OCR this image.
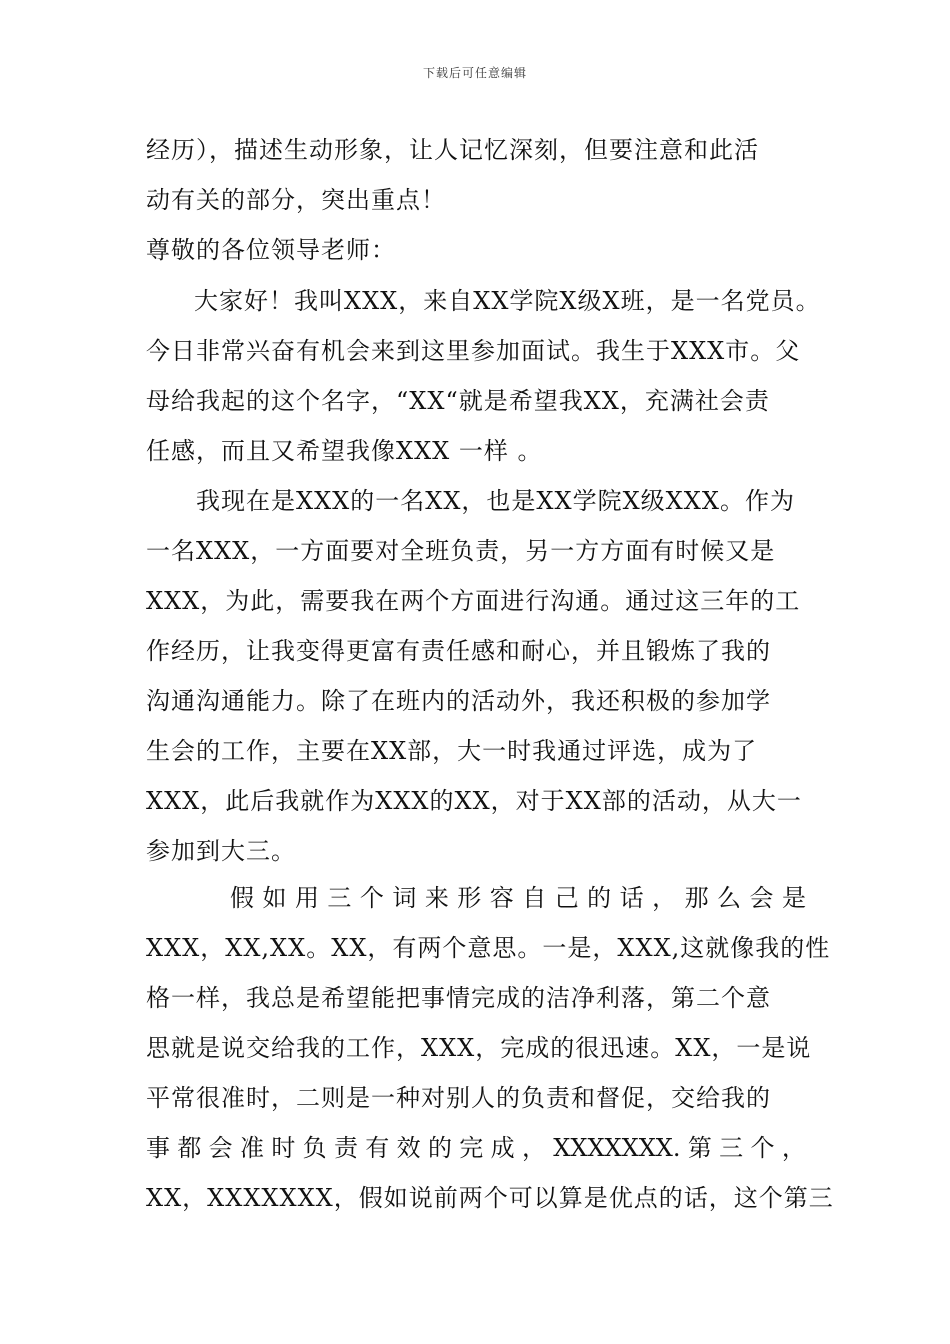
下载后可任意编辑
经历），描述生动形象，让人记忆深刻，但要注意和此活
动有关的部分，突出重点！
尊敬的各位领导老师：
大家好！我叫XXX，来自XX学院X级X班，是一名党员。
今日非常兴奋有机会来到这里参加面试。我生于XXX市。父
母给我起的这个名字，“XX“就是希望我XX，充满社会责
任感，而且又希望我像XXX 一样 。
我现在是XXX的一名XX，也是XX学院X级XXX。作为
一名XXX，一方面要对全班负责，另一方方面有时候又是
XXX，为此，需要我在两个方面进行沟通。通过这三年的工
作经历，让我变得更富有责任感和耐心，并且锻炼了我的
沟通沟通能力。除了在班内的活动外，我还积极的参加学
生会的工作，主要在XX部，大一时我通过评选，成为了
XXX，此后我就作为XXX的XX，对于XX部的活动，从大一
参加到大三。
假 如 用 三 个 词 来 形 容 自 己 的 话 ， 那 么 会 是
XXX，XX,XX。XX，有两个意思。一是，XXX,这就像我的性
格一样，我总是希望能把事情完成的洁净利落，第二个意
思就是说交给我的工作，XXX，完成的很迅速。XX，一是说
平常很准时，二则是一种对别人的负责和督促，交给我的
事 都 会 准 时 负 责 有 效 的 完 成 ， XXXXXXX. 第 三 个 ，
XX，XXXXXXX，假如说前两个可以算是优点的话，这个第三
